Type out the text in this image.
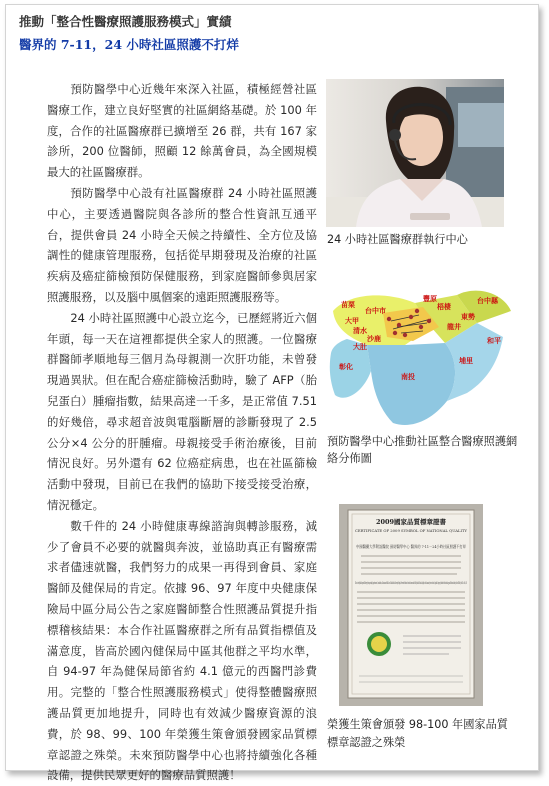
推動「整合性醫療照護服務模式」實績
醫界的 7-11，24 小時社區照護不打烊

預防醫學中心近幾年來深入社區，積極經營社區醫療工作，建立良好堅實的社區網絡基礎。於 100 年度，合作的社區醫療群已擴增至 26 群，共有 167 家診所，200 位醫師，照顧 12 餘萬會員，為全國規模最大的社區醫療群。

預防醫學中心設有社區醫療群 24 小時社區照護中心，主要透過醫院與各診所的整合性資訊互通平台，提供會員 24 小時全天候之持續性、全方位及協調性的健康管理服務，包括從早期發現及治療的社區疾病及癌症篩檢預防保健服務，到家庭醫師參與居家照護服務，以及腦中風個案的遠距照護服務等。

24 小時社區照護中心設立迄今，已歷經將近六個年頭，每一天在這裡都提供全家人的照護。一位醫療群醫師孝順地每三個月為母親測一次肝功能，未曾發現過異狀。但在配合癌症篩檢活動時，驗了 AFP（胎兒蛋白）腫瘤指數，結果高達一千多，是正常值 7.51 的好幾倍，尋求超音波與電腦斷層的診斷發現了 2.5 公分×4 公分的肝腫瘤。母親接受手術治療後，目前情況良好。另外還有 62 位癌症病患，也在社區篩檢活動中發現，目前已在我們的協助下接受接受治療，情況穩定。

數千件的 24 小時健康專線諮詢與轉診服務，減少了會員不必要的就醫與奔波，並協助真正有醫療需求者儘速就醫，我們努力的成果一再得到會員、家庭醫師及健保局的肯定。依據 96、97 年度中央健康保險局中區分局公告之家庭醫師整合性照護品質提升指標稽核結果：本合作社區醫療群之所有品質指標值及滿意度，皆高於國內健保局中區其他群之平均水準，自 94-97 年為健保局節省約 4.1 億元的西醫門診費用。完整的「整合性照護服務模式」使得整體醫療照護品質更加地提升，同時也有效減少醫療資源的浪費，於 98、99、100 年榮獲生策會頒發國家品質標章認證之殊榮。未來預防醫學中心也將持續強化各種設備，提供民眾更好的醫療品質照護！

24 小時社區醫療群執行中心
苗栗
台中市
台中縣
大甲
清水
沙鹿
梧棲
龍井
大肚
豐原
東勢
和平
彰化
南投
埔里
預防醫學中心推動社區整合醫療照護網絡分佈圖
2009國家品質標章證書
CERTIFICATE OF 2009 SYMBOL OF NATIONAL QUALITY
中國醫藥大學附設醫院 預防醫學中心 醫界的 7-11－24小時社區照護不打烊
This is to certify that Integrated Delivery System providing Comprehensive, Coordinated, and Continuous Health Care of China Medical University Hospital, Preventive Medicine Center has been awarded The Symbol of National Quality in the Community Service Section, Hospital Category by Institute for Biotechnology and Medicine Industry. Date of Validity: Until Dec. 31st, 2010
榮獲生策會頒發 98-100 年國家品質標章認證之殊榮
